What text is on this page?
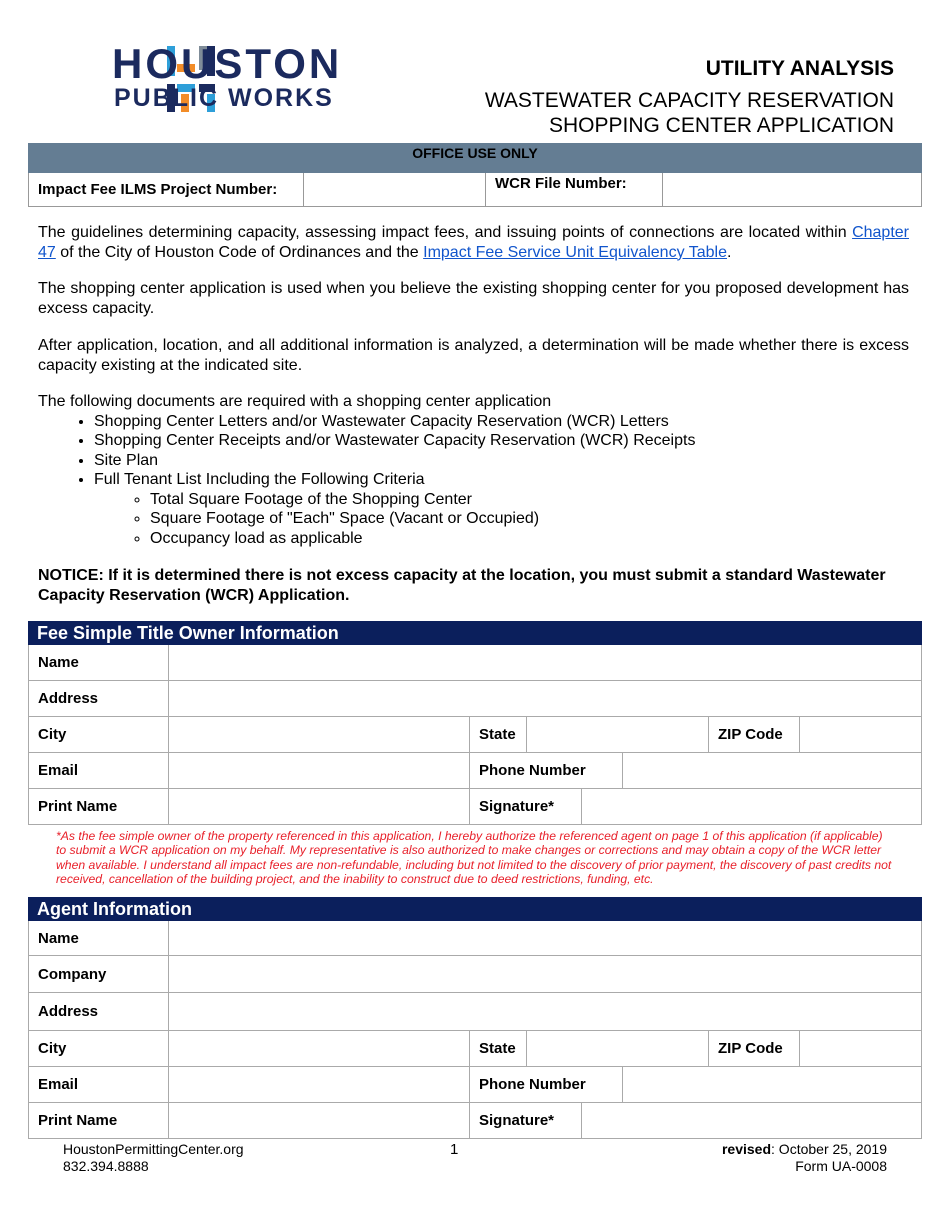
HOUSTON
PUBLIC WORKS
UTILITY ANALYSIS
WASTEWATER CAPACITY RESERVATION
SHOPPING CENTER APPLICATION
OFFICE USE ONLY
Impact Fee ILMS Project Number:	WCR File Number:
The guidelines determining capacity, assessing impact fees, and issuing points of connections are located within Chapter 47 of the City of Houston Code of Ordinances and the Impact Fee Service Unit Equivalency Table.
The shopping center application is used when you believe the existing shopping center for you proposed development has excess capacity.
After application, location, and all additional information is analyzed, a determination will be made whether there is excess capacity existing at the indicated site.
The following documents are required with a shopping center application
• Shopping Center Letters and/or Wastewater Capacity Reservation (WCR) Letters
• Shopping Center Receipts and/or Wastewater Capacity Reservation (WCR) Receipts
• Site Plan
• Full Tenant List Including the Following Criteria
◦ Total Square Footage of the Shopping Center
◦ Square Footage of "Each" Space (Vacant or Occupied)
◦ Occupancy load as applicable
NOTICE: If it is determined there is not excess capacity at the location, you must submit a standard Wastewater Capacity Reservation (WCR) Application.
Fee Simple Title Owner Information
Name
Address
City	State	ZIP Code
Email	Phone Number
Print Name	Signature*
*As the fee simple owner of the property referenced in this application, I hereby authorize the referenced agent on page 1 of this application (if applicable) to submit a WCR application on my behalf. My representative is also authorized to make changes or corrections and may obtain a copy of the WCR letter when available. I understand all impact fees are non-refundable, including but not limited to the discovery of prior payment, the discovery of past credits not received, cancellation of the building project, and the inability to construct due to deed restrictions, funding, etc.
Agent Information
Name
Company
Address
City	State	ZIP Code
Email	Phone Number
Print Name	Signature*
HoustonPermittingCenter.org
832.394.8888
1	revised: October 25, 2019
Form UA-0008
